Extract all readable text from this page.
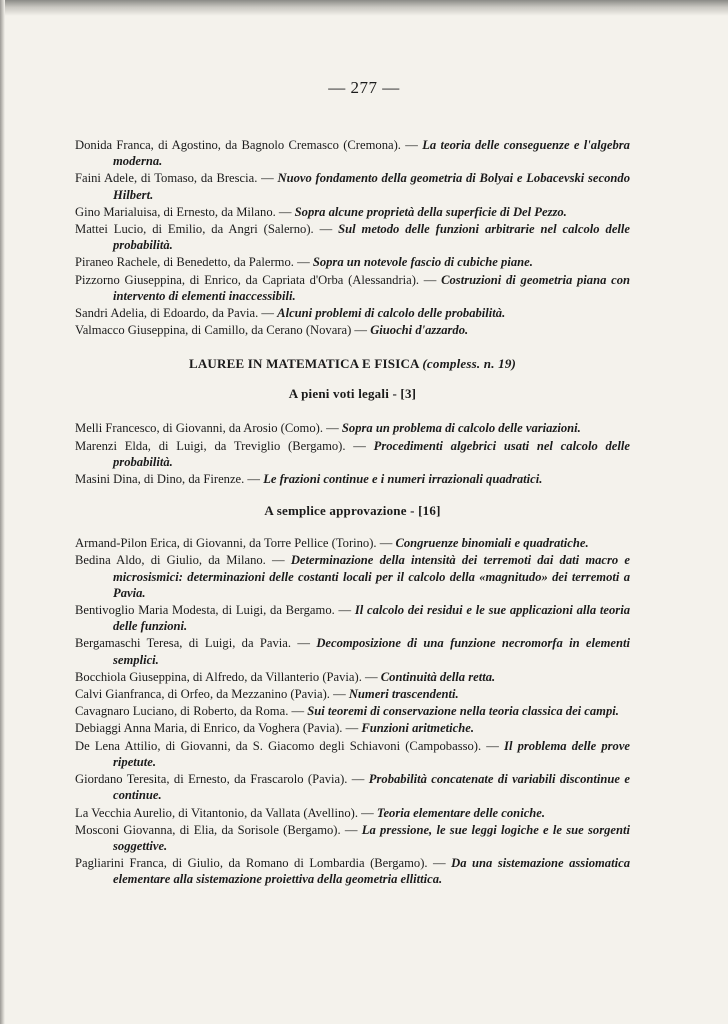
— 277 —

Donida Franca, di Agostino, da Bagnolo Cremasco (Cremona). — La teoria delle conseguenze e l'algebra moderna.

Faini Adele, di Tomaso, da Brescia. — Nuovo fondamento della geometria di Bolyai e Lobacevski secondo Hilbert.

Gino Marialuisa, di Ernesto, da Milano. — Sopra alcune proprietà della superficie di Del Pezzo.

Mattei Lucio, di Emilio, da Angri (Salerno). — Sul metodo delle funzioni arbitrarie nel calcolo delle probabilità.

Piraneo Rachele, di Benedetto, da Palermo. — Sopra un notevole fascio di cubiche piane.

Pizzorno Giuseppina, di Enrico, da Capriata d'Orba (Alessandria). — Costruzioni di geometria piana con intervento di elementi inaccessibili.

Sandri Adelia, di Edoardo, da Pavia. — Alcuni problemi di calcolo delle probabilità.

Valmacco Giuseppina, di Camillo, da Cerano (Novara) — Giuochi d'azzardo.

LAUREE IN MATEMATICA E FISICA (compless. n. 19)
A pieni voti legali - [3]

Melli Francesco, di Giovanni, da Arosio (Como). — Sopra un problema di calcolo delle variazioni.

Marenzi Elda, di Luigi, da Treviglio (Bergamo). — Procedimenti algebrici usati nel calcolo delle probabilità.

Masini Dina, di Dino, da Firenze. — Le frazioni continue e i numeri irrazionali quadratici.

A semplice approvazione - [16]

Armand-Pilon Erica, di Giovanni, da Torre Pellice (Torino). — Congruenze binomiali e quadratiche.

Bedina Aldo, di Giulio, da Milano. — Determinazione della intensità dei terremoti dai dati macro e microsismici: determinazioni delle costanti locali per il calcolo della «magnitudo» dei terremoti a Pavia.

Bentivoglio Maria Modesta, di Luigi, da Bergamo. — Il calcolo dei residui e le sue applicazioni alla teoria delle funzioni.

Bergamaschi Teresa, di Luigi, da Pavia. — Decomposizione di una funzione necromorfa in elementi semplici.

Bocchiola Giuseppina, di Alfredo, da Villanterio (Pavia). — Continuità della retta.

Calvi Gianfranca, di Orfeo, da Mezzanino (Pavia). — Numeri trascendenti.

Cavagnaro Luciano, di Roberto, da Roma. — Sui teoremi di conservazione nella teoria classica dei campi.

Debiaggi Anna Maria, di Enrico, da Voghera (Pavia). — Funzioni aritmetiche.

De Lena Attilio, di Giovanni, da S. Giacomo degli Schiavoni (Campobasso). — Il problema delle prove ripetute.

Giordano Teresita, di Ernesto, da Frascarolo (Pavia). — Probabilità concatenate di variabili discontinue e continue.

La Vecchia Aurelio, di Vitantonio, da Vallata (Avellino). — Teoria elementare delle coniche.

Mosconi Giovanna, di Elia, da Sorisole (Bergamo). — La pressione, le sue leggi logiche e le sue sorgenti soggettive.

Pagliarini Franca, di Giulio, da Romano di Lombardia (Bergamo). — Da una sistemazione assiomatica elementare alla sistemazione proiettiva della geometria ellittica.
